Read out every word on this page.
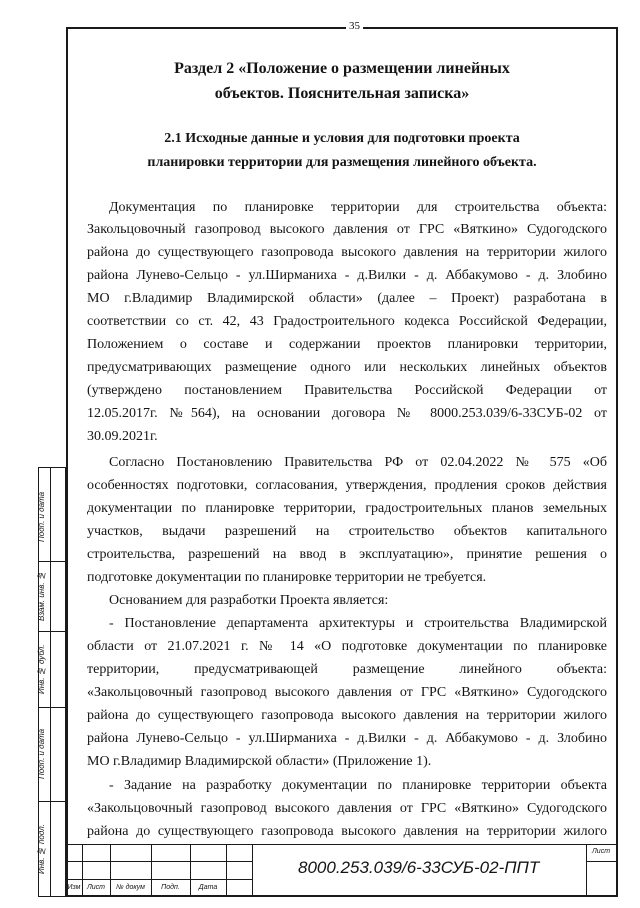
35
Раздел 2 «Положение о размещении линейных
объектов. Пояснительная записка»
2.1 Исходные данные и условия для подготовки проекта
планировки территории для размещения линейного объекта.
Документация по планировке территории для строительства объекта:
Закольцовочный газопровод высокого давления от ГРС «Вяткино» Судогодского
района до существующего газопровода высокого давления на территории жилого
района Лунево-Сельцо - ул.Ширманиха - д.Вилки - д. Аббакумово - д. Злобино
МО г.Владимир Владимирской области» (далее – Проект) разработана в
соответствии со ст. 42, 43 Градостроительного кодекса Российской Федерации,
Положением о составе и содержании проектов планировки территории,
предусматривающих размещение одного или нескольких линейных объектов
(утверждено постановлением Правительства Российской Федерации от
12.05.2017г. №564), на основании договора № 8000.253.039/6-33СУБ-02 от
30.09.2021г.
Согласно Постановлению Правительства РФ от 02.04.2022 № 575 «Об
особенностях подготовки, согласования, утверждения, продления сроков действия
документации по планировке территории, градостроительных планов земельных
участков, выдачи разрешений на строительство объектов капитального
строительства, разрешений на ввод в эксплуатацию», принятие решения о
подготовке документации по планировке территории не требуется.
Основанием для разработки Проекта является:
- Постановление департамента архитектуры и строительства Владимирской
области от 21.07.2021 г. № 14 «О подготовке документации по планировке
территории, предусматривающей размещение линейного объекта:
«Закольцовочный газопровод высокого давления от ГРС «Вяткино» Судогодского
района до существующего газопровода высокого давления на территории жилого
района Лунево-Сельцо - ул.Ширманиха - д.Вилки - д. Аббакумово - д. Злобино
МО г.Владимир Владимирской области» (Приложение 1).
- Задание на разработку документации по планировке территории объекта
«Закольцовочный газопровод высокого давления от ГРС «Вяткино» Судогодского
района до существующего газопровода высокого давления на территории жилого
Подп. и дата
Взам. инв. №
Инв. № дубл.
Подп. и дата
Инв. № подл.
Изм Лист	№ докум	Подп.	Дата
8000.253.039/6-33СУБ-02-ППТ
Лист
